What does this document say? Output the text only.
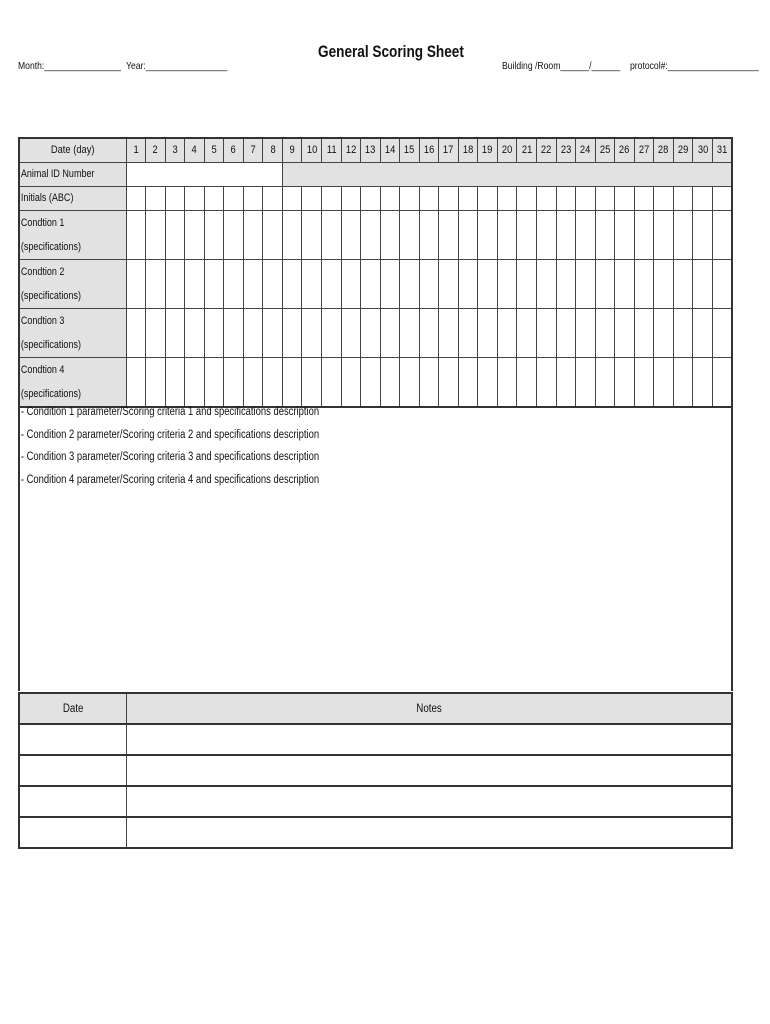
Month:________________ Year:_________________
General Scoring Sheet
Building /Room______/______ protocol#:___________________
Date (day)	1	2	3	4	5	6	7	8	9	10	11	12	13	14	15	16	17	18	19	20	21	22	23	24	25	26	27	28	29	30	31

Animal ID Number																															

Initials (ABC)																															

Condtion 1
(specifications)																															

Condtion 2
(specifications)																															

Condtion 3
(specifications)																															

Condtion 4
(specifications)																															

- Condition 1 parameter/Scoring criteria 1 and specifications description
- Condition 2 parameter/Scoring criteria 2 and specifications description
- Condition 3 parameter/Scoring criteria 3 and specifications description
- Condition 4 parameter/Scoring criteria 4 and specifications description
Date	Notes
